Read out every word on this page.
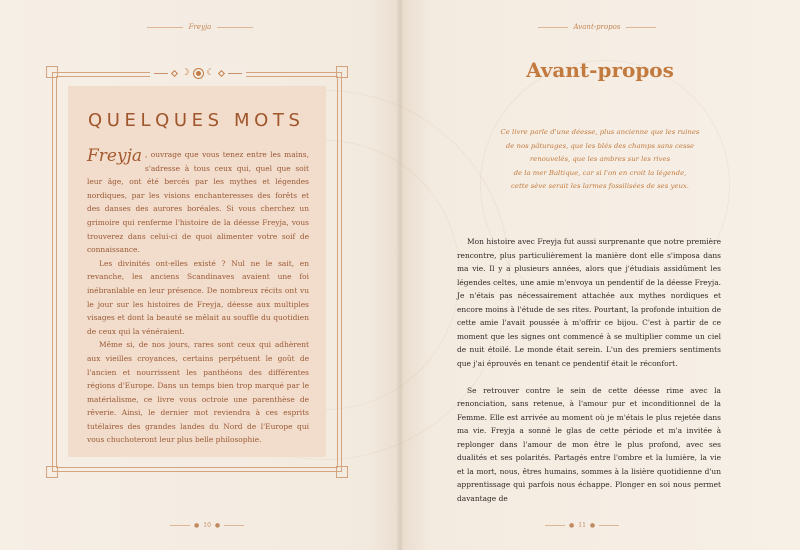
Freyja	Avant-propos
☽ ☾
QUELQUES MOTS

Freyja , ouvrage que vous tenez entre les mains, s'adresse à tous ceux qui, quel que soit leur âge, ont été bercés par les mythes et légendes nordiques, par les visions enchanteresses des forêts et des danses des aurores boréales. Si vous cherchez un grimoire qui renferme l'histoire de la déesse Freyja, vous trouverez dans celui-ci de quoi alimenter votre soif de connaissance.

Les divinités ont-elles existé ? Nul ne le sait, en revanche, les anciens Scandinaves avaient une foi inébranlable en leur présence. De nombreux récits ont vu le jour sur les histoires de Freyja, déesse aux multiples visages et dont la beauté se mêlait au souffle du quotidien de ceux qui la vénéraient.

Même si, de nos jours, rares sont ceux qui adhèrent aux vieilles croyances, certains perpétuent le goût de l'ancien et nourrissent les panthéons des différentes régions d'Europe. Dans un temps bien trop marqué par le matérialisme, ce livre vous octroie une parenthèse de rêverie. Ainsi, le dernier mot reviendra à ces esprits tutélaires des grandes landes du Nord de l'Europe qui vous chuchoteront leur plus belle philosophie.

Avant-propos
Ce livre parle d'une déesse, plus ancienne que les ruines
de nos pâturages, que les blés des champs sans cesse
renouvelés, que les ambres sur les rives
de la mer Baltique, car si l'on en croit la légende,
cette sève serait les larmes fossilisées de ses yeux.

Mon histoire avec Freyja fut aussi surprenante que notre première rencontre, plus particulièrement la manière dont elle s'imposa dans ma vie. Il y a plusieurs années, alors que j'étudiais assidûment les légendes celtes, une amie m'envoya un pendentif de la déesse Freyja. Je n'étais pas nécessairement attachée aux mythes nordiques et encore moins à l'étude de ses rites. Pourtant, la profonde intuition de cette amie l'avait poussée à m'offrir ce bijou. C'est à partir de ce moment que les signes ont commencé à se multiplier comme un ciel de nuit étoilé. Le monde était serein. L'un des premiers sentiments que j'ai éprouvés en tenant ce pendentif était le réconfort.

Se retrouver contre le sein de cette déesse rime avec la renonciation, sans retenue, à l'amour pur et inconditionnel de la Femme. Elle est arrivée au moment où je m'étais le plus rejetée dans ma vie. Freyja a sonné le glas de cette période et m'a invitée à replonger dans l'amour de mon être le plus profond, avec ses dualités et ses polarités. Partagés entre l'ombre et la lumière, la vie et la mort, nous, êtres humains, sommes à la lisière quotidienne d'un apprentissage qui parfois nous échappe. Plonger en soi nous permet davantage de

● 10 ●	● 11 ●
